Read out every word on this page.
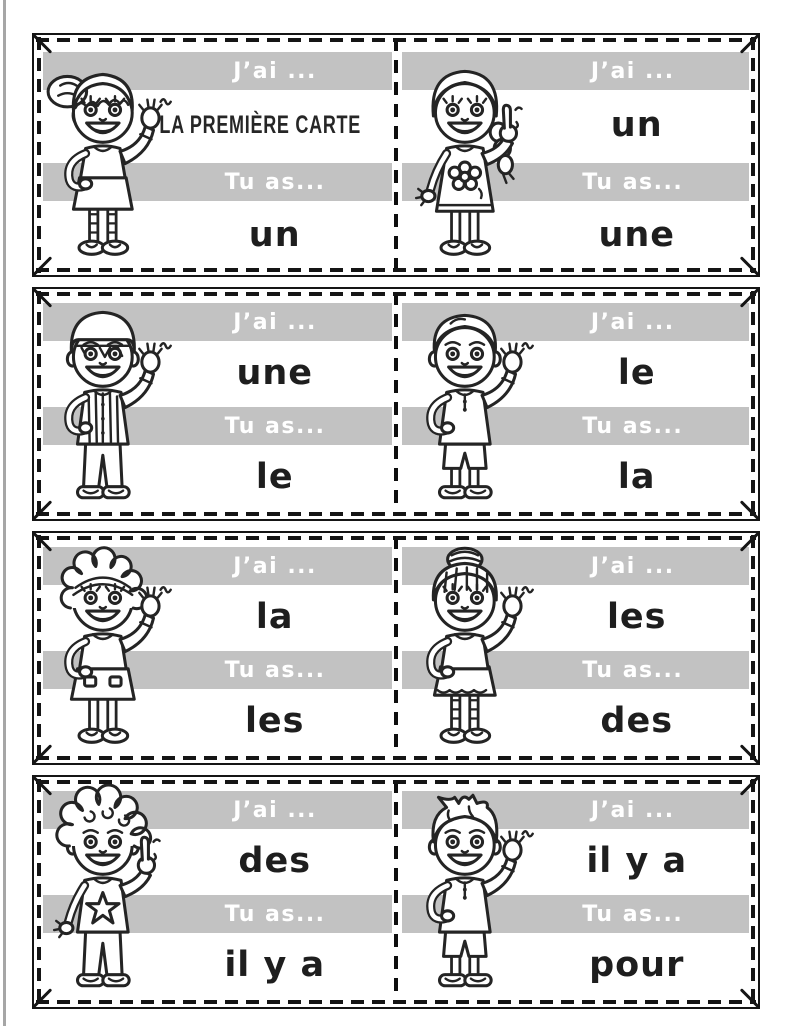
J’ai ...
LA PREMIÈRE CARTE
Tu as...
un
J’ai ...
un
Tu as...
une
J’ai ...
une
Tu as...
le
J’ai ...
le
Tu as...
la
J’ai ...
la
Tu as...
les
J’ai ...
les
Tu as...
des
J’ai ...
des
Tu as...
il y a
J’ai ...
il y a
Tu as...
pour
